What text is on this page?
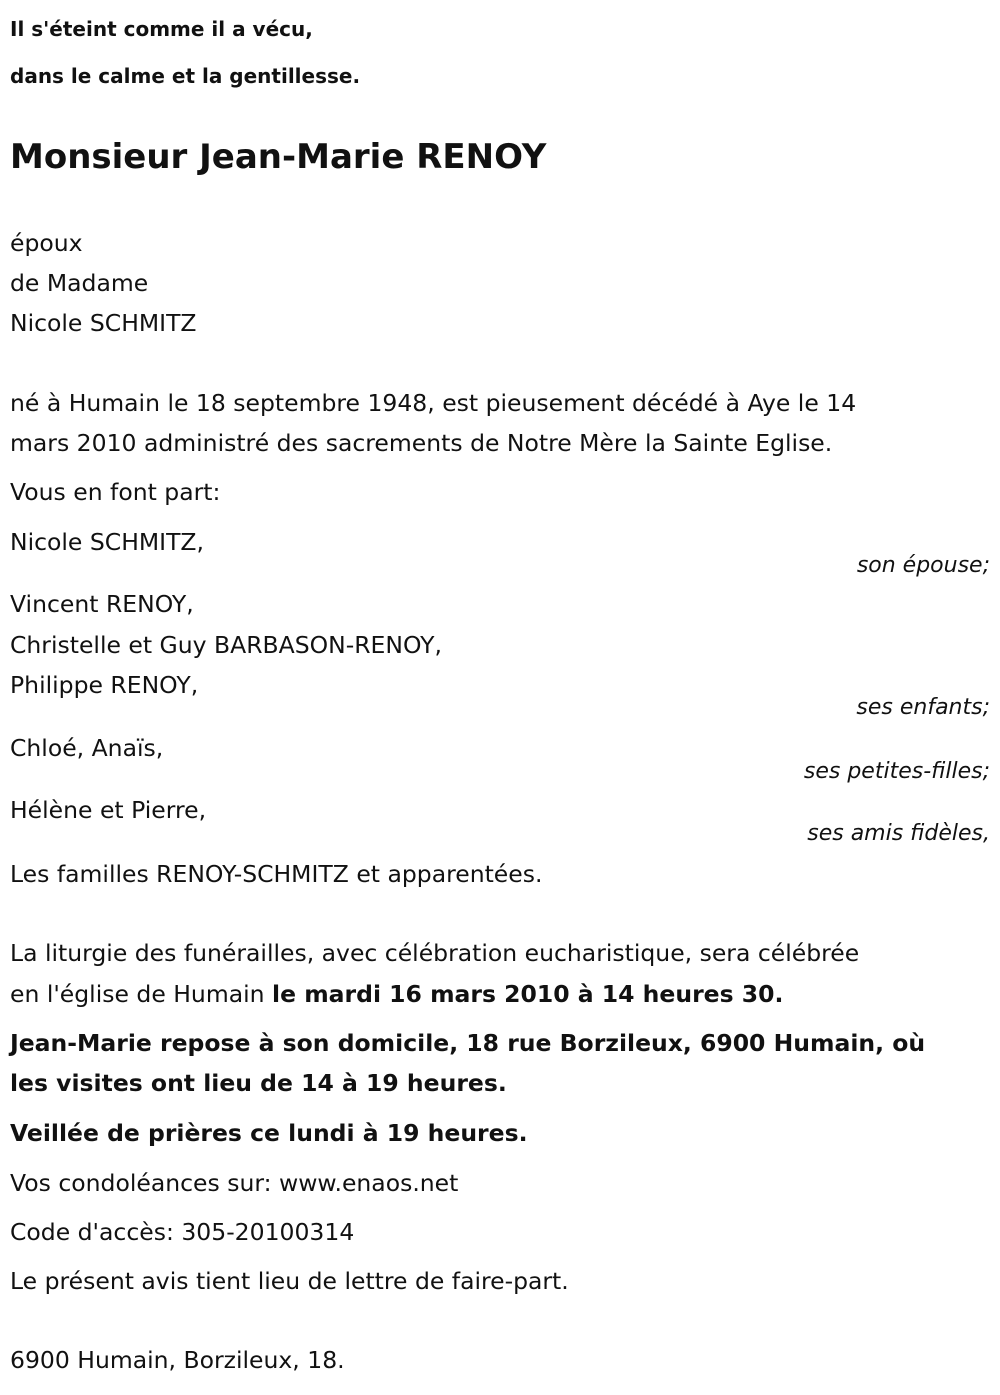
Il s'éteint comme il a vécu,
dans le calme et la gentillesse.
Monsieur Jean-Marie RENOY
époux
de Madame
Nicole SCHMITZ
né à Humain le 18 septembre 1948, est pieusement décédé à Aye le 14
mars 2010 administré des sacrements de Notre Mère la Sainte Eglise.
Vous en font part:
Nicole SCHMITZ,
son épouse;
Vincent RENOY,
Christelle et Guy BARBASON-RENOY,
Philippe RENOY,
ses enfants;
Chloé, Anaïs,
ses petites-filles;
Hélène et Pierre,
ses amis fidèles,
Les familles RENOY-SCHMITZ et apparentées.
La liturgie des funérailles, avec célébration eucharistique, sera célébrée
en l'église de Humain le mardi 16 mars 2010 à 14 heures 30.
Jean-Marie repose à son domicile, 18 rue Borzileux, 6900 Humain, où
les visites ont lieu de 14 à 19 heures.
Veillée de prières ce lundi à 19 heures.
Vos condoléances sur: www.enaos.net
Code d'accès: 305-20100314
Le présent avis tient lieu de lettre de faire-part.
6900 Humain, Borzileux, 18.
